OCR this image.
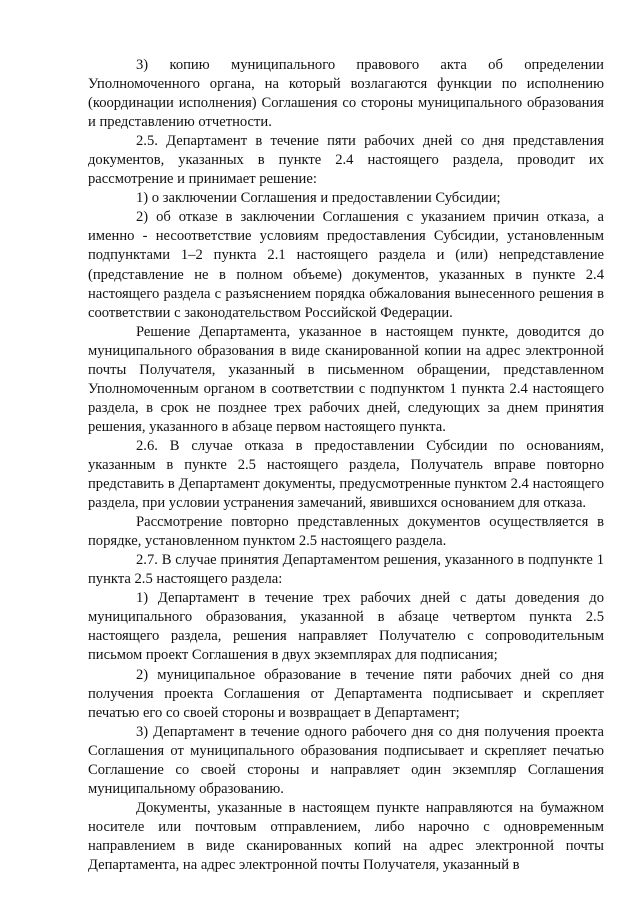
3) копию муниципального правового акта об определении Уполномоченного органа, на который возлагаются функции по исполнению (координации исполнения) Соглашения со стороны муниципального образования и представлению отчетности.

2.5. Департамент в течение пяти рабочих дней со дня представления документов, указанных в пункте 2.4 настоящего раздела, проводит их рассмотрение и принимает решение:

1) о заключении Соглашения и предоставлении Субсидии;

2) об отказе в заключении Соглашения с указанием причин отказа, а именно - несоответствие условиям предоставления Субсидии, установленным подпунктами 1–2 пункта 2.1 настоящего раздела и (или) непредставление (представление не в полном объеме) документов, указанных в пункте 2.4 настоящего раздела с разъяснением порядка обжалования вынесенного решения в соответствии с законодательством Российской Федерации.

Решение Департамента, указанное в настоящем пункте, доводится до муниципального образования в виде сканированной копии на адрес электронной почты Получателя, указанный в письменном обращении, представленном Уполномоченным органом в соответствии с подпунктом 1 пункта 2.4 настоящего раздела, в срок не позднее трех рабочих дней, следующих за днем принятия решения, указанного в абзаце первом настоящего пункта.

2.6. В случае отказа в предоставлении Субсидии по основаниям, указанным в пункте 2.5 настоящего раздела, Получатель вправе повторно представить в Департамент документы, предусмотренные пунктом 2.4 настоящего раздела, при условии устранения замечаний, явившихся основанием для отказа.

Рассмотрение повторно представленных документов осуществляется в порядке, установленном пунктом 2.5 настоящего раздела.

2.7. В случае принятия Департаментом решения, указанного в подпункте 1 пункта 2.5 настоящего раздела:

1) Департамент в течение трех рабочих дней с даты доведения до муниципального образования, указанной в абзаце четвертом пункта 2.5 настоящего раздела, решения направляет Получателю с сопроводительным письмом проект Соглашения в двух экземплярах для подписания;

2) муниципальное образование в течение пяти рабочих дней со дня получения проекта Соглашения от Департамента подписывает и скрепляет печатью его со своей стороны и возвращает в Департамент;

3) Департамент в течение одного рабочего дня со дня получения проекта Соглашения от муниципального образования подписывает и скрепляет печатью Соглашение со своей стороны и направляет один экземпляр Соглашения муниципальному образованию.

Документы, указанные в настоящем пункте направляются на бумажном носителе или почтовым отправлением, либо нарочно с одновременным направлением в виде сканированных копий на адрес электронной почты Департамента, на адрес электронной почты Получателя, указанный в
